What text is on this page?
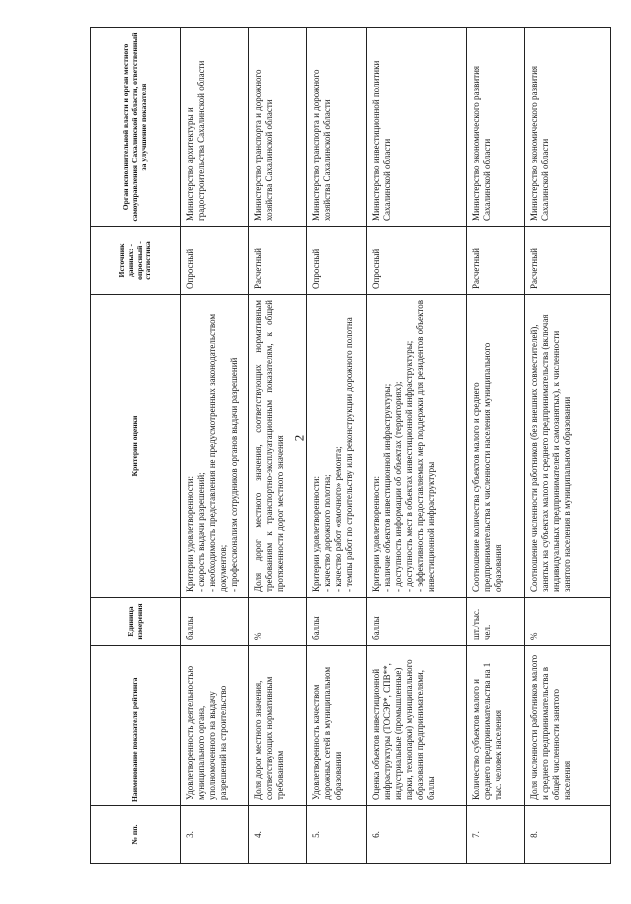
2
№ пп.	Наименование показателя рейтинга	Единица измерения	Критерии оценки	Источник данных: - опросный - статистика	Орган исполнительной власти и орган местного самоуправления Сахалинской области, ответственный за улучшение показателя
3.	Удовлетворенность деятельностью муниципального органа, уполномоченного на выдачу разрешений на строительство	баллы	Критерии удовлетворенности: - скорость выдачи разрешений; - необходимость представления не предусмотренных законодательством документов; - профессионализм сотрудников органов выдачи разрешений	Опросный	Министерство архитектуры и градостроительства Сахалинской области
4.	Доля дорог местного значения, соответствующих нормативным требованиям	%	Доля дорог местного значения, соответствующих нормативным требованиям к транспортно-эксплуатационным показателям, к общей протяженности дорог местного значения	Расчетный	Министерство транспорта и дорожного хозяйства Сахалинской области
5.	Удовлетворенность качеством дорожных сетей в муниципальном образовании	баллы	Критерии удовлетворенности: - качество дорожного полотна; - качество работ «ямочного» ремонта; - темпы работ по строительству или реконструкции дорожного полотна	Опросный	Министерство транспорта и дорожного хозяйства Сахалинской области
6.	Оценка объектов инвестиционной инфраструктуры (ТОСЭР*, СПВ**, индустриальные (промышленные) парки, технопарки) муниципального образования предпринимателями, баллы	баллы	Критерии удовлетворенности: - наличие объектов инвестиционной инфраструктуры; - доступность информации об объектах (территориях); - доступность мест в объектах инвестиционной инфраструктуры; - эффективность предоставляемых мер поддержки для резидентов объектов инвестиционной инфраструктуры	Опросный	Министерство инвестиционной политики Сахалинской области
7.	Количество субъектов малого и среднего предпринимательства на 1 тыс. человек населения	шт./тыс. чел.	Соотношение количества субъектов малого и среднего предпринимательства к численности населения муниципального образования	Расчетный	Министерство экономического развития Сахалинской области
8.	Доля численности работников малого и среднего предпринимательства в общей численности занятого населения	%	Соотношение численности работников (без внешних совместителей), занятых на субъектах малого и среднего предпринимательства (включая индивидуальных предпринимателей и самозанятых), к численности занятого населения в муниципальном образовании	Расчетный	Министерство экономического развития Сахалинской области
